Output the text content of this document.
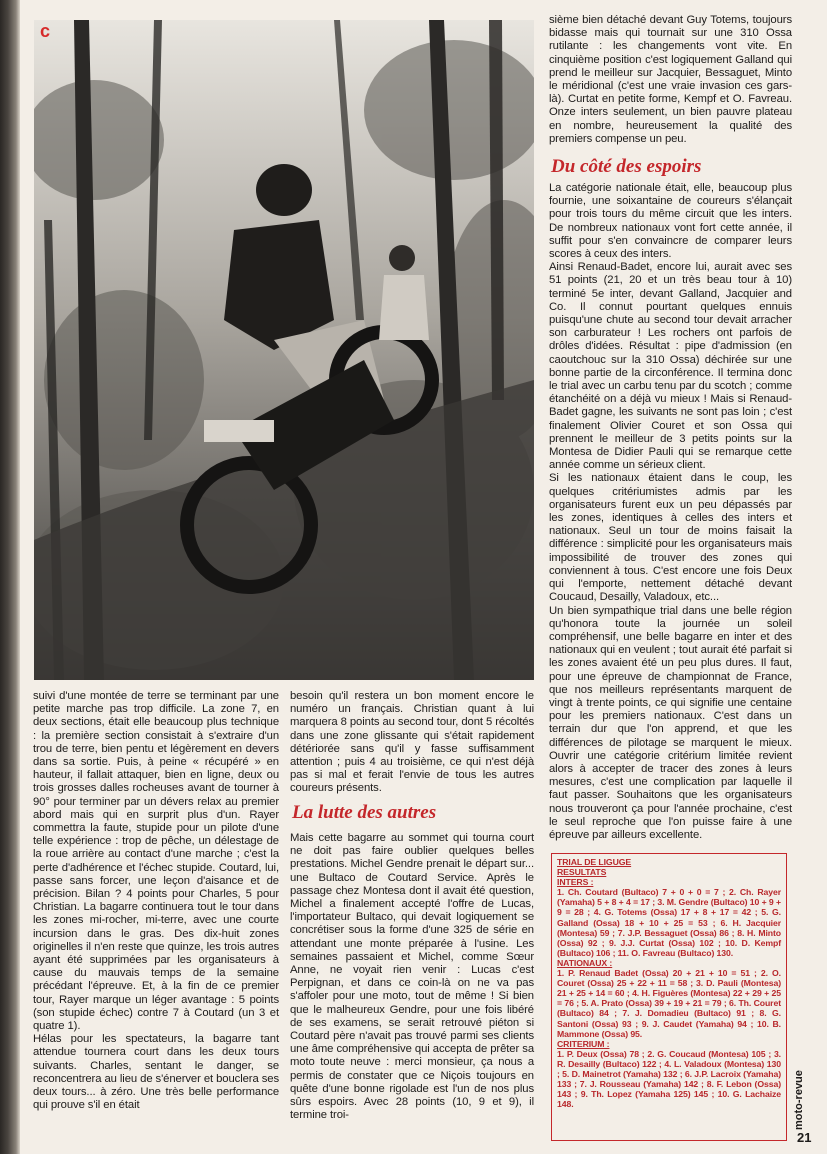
c

sième bien détaché devant Guy Totems, toujours bidasse mais qui tournait sur une 310 Ossa rutilante : les changements vont vite. En cinquième position c'est logiquement Galland qui prend le meilleur sur Jacquier, Bessaguet, Minto le méridional (c'est une vraie invasion ces gars-là). Curtat en petite forme, Kempf et O. Favreau. Onze inters seulement, un bien pauvre plateau en nombre, heureusement la qualité des premiers compense un peu.

Du côté des espoirs

La catégorie nationale était, elle, beaucoup plus fournie, une soixantaine de coureurs s'élançait pour trois tours du même circuit que les inters. De nombreux nationaux vont fort cette année, il suffit pour s'en convaincre de comparer leurs scores à ceux des inters.

Ainsi Renaud-Badet, encore lui, aurait avec ses 51 points (21, 20 et un très beau tour à 10) terminé 5e inter, devant Galland, Jacquier and Co. Il connut pourtant quelques ennuis puisqu'une chute au second tour devait arracher son carburateur ! Les rochers ont parfois de drôles d'idées. Résultat : pipe d'admission (en caoutchouc sur la 310 Ossa) déchirée sur une bonne partie de la circonférence. Il termina donc le trial avec un carbu tenu par du scotch ; comme étanchéité on a déjà vu mieux ! Mais si Renaud-Badet gagne, les suivants ne sont pas loin ; c'est finalement Olivier Couret et son Ossa qui prennent le meilleur de 3 petits points sur la Montesa de Didier Pauli qui se remarque cette année comme un sérieux client.

Si les nationaux étaient dans le coup, les quelques critériumistes admis par les organisateurs furent eux un peu dépassés par les zones, identiques à celles des inters et nationaux. Seul un tour de moins faisait la différence : simplicité pour les organisateurs mais impossibilité de trouver des zones qui conviennent à tous. C'est encore une fois Deux qui l'emporte, nettement détaché devant Coucaud, Desailly, Valadoux, etc...

Un bien sympathique trial dans une belle région qu'honora toute la journée un soleil compréhensif, une belle bagarre en inter et des nationaux qui en veulent ; tout aurait été parfait si les zones avaient été un peu plus dures. Il faut, pour une épreuve de championnat de France, que nos meilleurs représentants marquent de vingt à trente points, ce qui signifie une centaine pour les premiers nationaux. C'est dans un terrain dur que l'on apprend, et que les différences de pilotage se marquent le mieux. Ouvrir une catégorie critérium limitée revient alors à accepter de tracer des zones à leurs mesures, c'est une complication par laquelle il faut passer. Souhaitons que les organisateurs nous trouveront ça pour l'année prochaine, c'est le seul reproche que l'on puisse faire à une épreuve par ailleurs excellente.

suivi d'une montée de terre se terminant par une petite marche pas trop difficile. La zone 7, en deux sections, était elle beaucoup plus technique : la première section consistait à s'extraire d'un trou de terre, bien pentu et légèrement en devers dans sa sortie. Puis, à peine « récupéré » en hauteur, il fallait attaquer, bien en ligne, deux ou trois grosses dalles rocheuses avant de tourner à 90° pour terminer par un dévers relax au premier abord mais qui en surprit plus d'un. Rayer commettra la faute, stupide pour un pilote d'une telle expérience : trop de pêche, un délestage de la roue arrière au contact d'une marche ; c'est la perte d'adhérence et l'échec stupide. Coutard, lui, passe sans forcer, une leçon d'aisance et de précision. Bilan ? 4 points pour Charles, 5 pour Christian. La bagarre continuera tout le tour dans les zones mi-rocher, mi-terre, avec une courte incursion dans le gras. Des dix-huit zones originelles il n'en reste que quinze, les trois autres ayant été supprimées par les organisateurs à cause du mauvais temps de la semaine précédant l'épreuve. Et, à la fin de ce premier tour, Rayer marque un léger avantage : 5 points (son stupide échec) contre 7 à Coutard (un 3 et quatre 1).

Hélas pour les spectateurs, la bagarre tant attendue tournera court dans les deux tours suivants. Charles, sentant le danger, se reconcentrera au lieu de s'énerver et bouclera ses deux tours... à zéro. Une très belle performance qui prouve s'il en était

besoin qu'il restera un bon moment encore le numéro un français. Christian quant à lui marquera 8 points au second tour, dont 5 récoltés dans une zone glissante qui s'était rapidement détériorée sans qu'il y fasse suffisamment attention ; puis 4 au troisième, ce qui n'est déjà pas si mal et ferait l'envie de tous les autres coureurs présents.

La lutte des autres

Mais cette bagarre au sommet qui tourna court ne doit pas faire oublier quelques belles prestations. Michel Gendre prenait le départ sur... une Bultaco de Coutard Service. Après le passage chez Montesa dont il avait été question, Michel a finalement accepté l'offre de Lucas, l'importateur Bultaco, qui devait logiquement se concrétiser sous la forme d'une 325 de série en attendant une monte préparée à l'usine. Les semaines passaient et Michel, comme Sœur Anne, ne voyait rien venir : Lucas c'est Perpignan, et dans ce coin-là on ne va pas s'affoler pour une moto, tout de même ! Si bien que le malheureux Gendre, pour une fois libéré de ses examens, se serait retrouvé piéton si Coutard père n'avait pas trouvé parmi ses clients une âme compréhensive qui accepta de prêter sa moto toute neuve : merci monsieur, ça nous a permis de constater que ce Niçois toujours en quête d'une bonne rigolade est l'un de nos plus sûrs espoirs. Avec 28 points (10, 9 et 9), il termine troi-

TRIAL DE LIGUGE
RESULTATS
INTERS :

1. Ch. Coutard (Bultaco) 7 + 0 + 0 = 7 ; 2. Ch. Rayer (Yamaha) 5 + 8 + 4 = 17 ; 3. M. Gendre (Bultaco) 10 + 9 + 9 = 28 ; 4. G. Totems (Ossa) 17 + 8 + 17 = 42 ; 5. G. Galland (Ossa) 18 + 10 + 25 = 53 ; 6. H. Jacquier (Montesa) 59 ; 7. J.P. Bessaguet (Ossa) 86 ; 8. H. Minto (Ossa) 92 ; 9. J.J. Curtat (Ossa) 102 ; 10. D. Kempf (Bultaco) 106 ; 11. O. Favreau (Bultaco) 130.

NATIONAUX :

1. P. Renaud Badet (Ossa) 20 + 21 + 10 = 51 ; 2. O. Couret (Ossa) 25 + 22 + 11 = 58 ; 3. D. Pauli (Montesa) 21 + 25 + 14 = 60 ; 4. H. Figuères (Montesa) 22 + 29 + 25 = 76 ; 5. A. Prato (Ossa) 39 + 19 + 21 = 79 ; 6. Th. Couret (Bultaco) 84 ; 7. J. Domadieu (Bultaco) 91 ; 8. G. Santoni (Ossa) 93 ; 9. J. Caudet (Yamaha) 94 ; 10. B. Mammone (Ossa) 95.

CRITERIUM :

1. P. Deux (Ossa) 78 ; 2. G. Coucaud (Montesa) 105 ; 3. R. Desailly (Bultaco) 122 ; 4. L. Valadoux (Montesa) 130 ; 5. D. Mainetrot (Yamaha) 132 ; 6. J.P. Lacroix (Yamaha) 133 ; 7. J. Rousseau (Yamaha) 142 ; 8. F. Lebon (Ossa) 143 ; 9. Th. Lopez (Yamaha 125) 145 ; 10. G. Lachaize 148.	moto-revue
21
